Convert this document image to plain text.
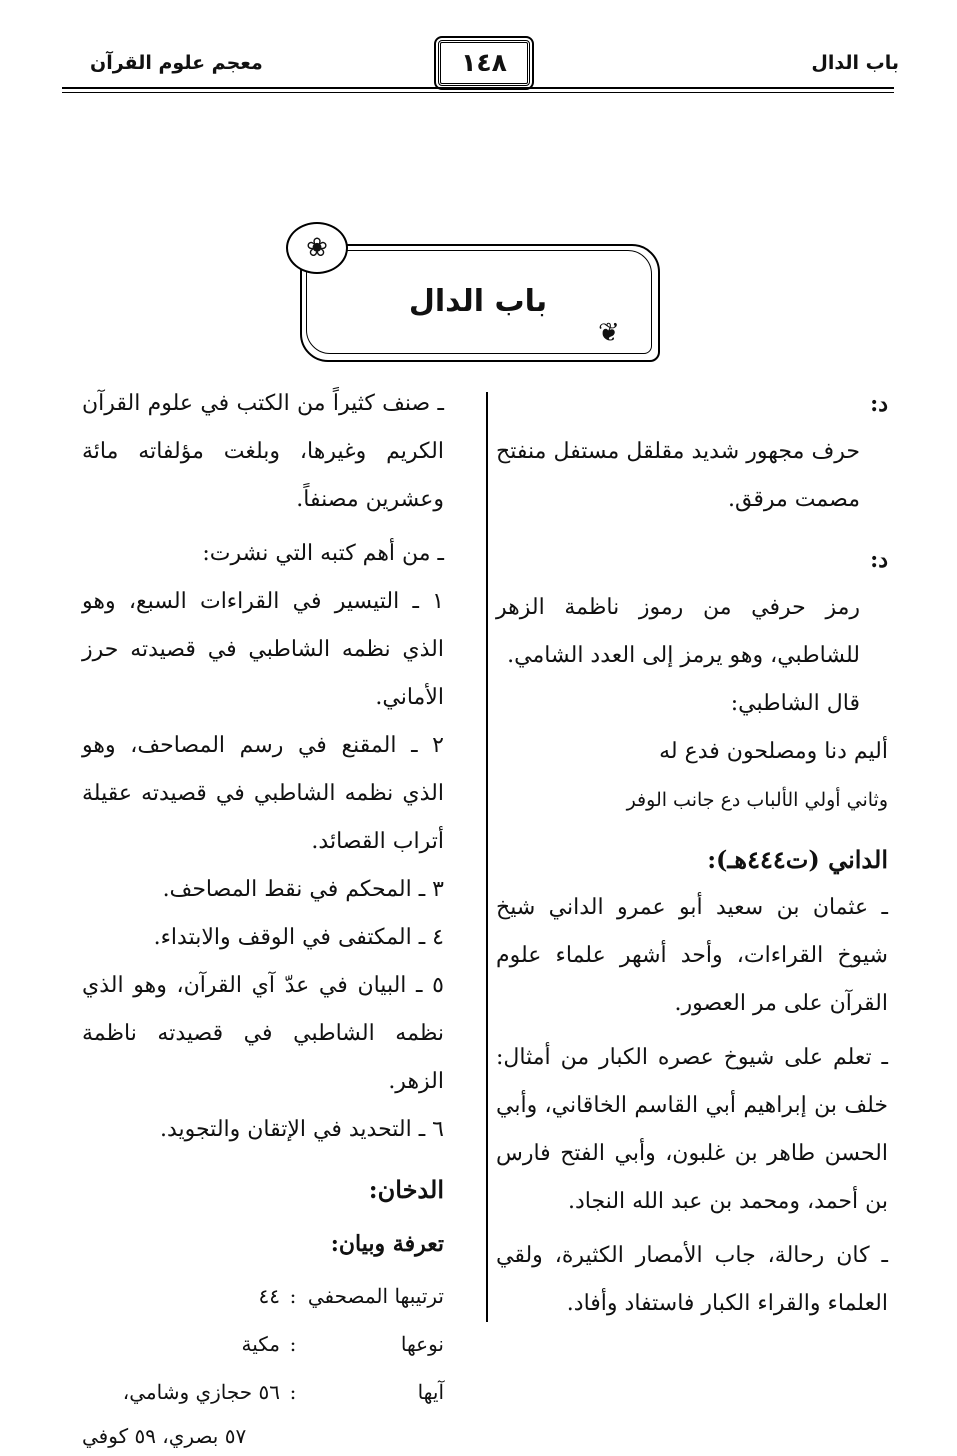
باب الدال
١٤٨
معجم علوم القرآن
باب الدال
❀
❦

د:

حرف مجهور شديد مقلقل مستفل منفتح مصمت مرقق.

د:

رمز حرفي من رموز ناظمة الزهر للشاطبي، وهو يرمز إلى العدد الشامي.

قال الشاطبي:

أليم دنا ومصلحون فدع له

وثاني أولي الألباب دع جانب الوفر

الداني (ت٤٤٤هـ):

ـ عثمان بن سعيد أبو عمرو الداني شيخ شيوخ القراءات، وأحد أشهر علماء علوم القرآن على مر العصور.

ـ تعلم على شيوخ عصره الكبار من أمثال: خلف بن إبراهيم أبي القاسم الخاقاني، وأبي الحسن طاهر بن غلبون، وأبي الفتح فارس بن أحمد، ومحمد بن عبد الله النجاد.

ـ كان رحالة، جاب الأمصار الكثيرة، ولقي العلماء والقراء الكبار فاستفاد وأفاد.

ـ صنف كثيراً من الكتب في علوم القرآن الكريم وغيرها، وبلغت مؤلفاته مائة وعشرين مصنفاً.

ـ من أهم كتبه التي نشرت:

١ ـ التيسير في القراءات السبع، وهو الذي نظمه الشاطبي في قصيدته حرز الأماني.

٢ ـ المقنع في رسم المصاحف، وهو الذي نظمه الشاطبي في قصيدته عقيلة أتراب القصائد.

٣ ـ المحكم في نقط المصاحف.

٤ ـ المكتفى في الوقف والابتداء.

٥ ـ البيان في عدّ آي القرآن، وهو الذي نظمه الشاطبي في قصيدته ناظمة الزهر.

٦ ـ التحديد في الإتقان والتجويد.

الدخان:

تعرفة وبيان:

ترتيبها المصحفي	:	٤٤
نوعها	:	مكية
آيها	:	٥٦ حجازي وشامي،

٥٧ بصري، ٥٩ كوفي
